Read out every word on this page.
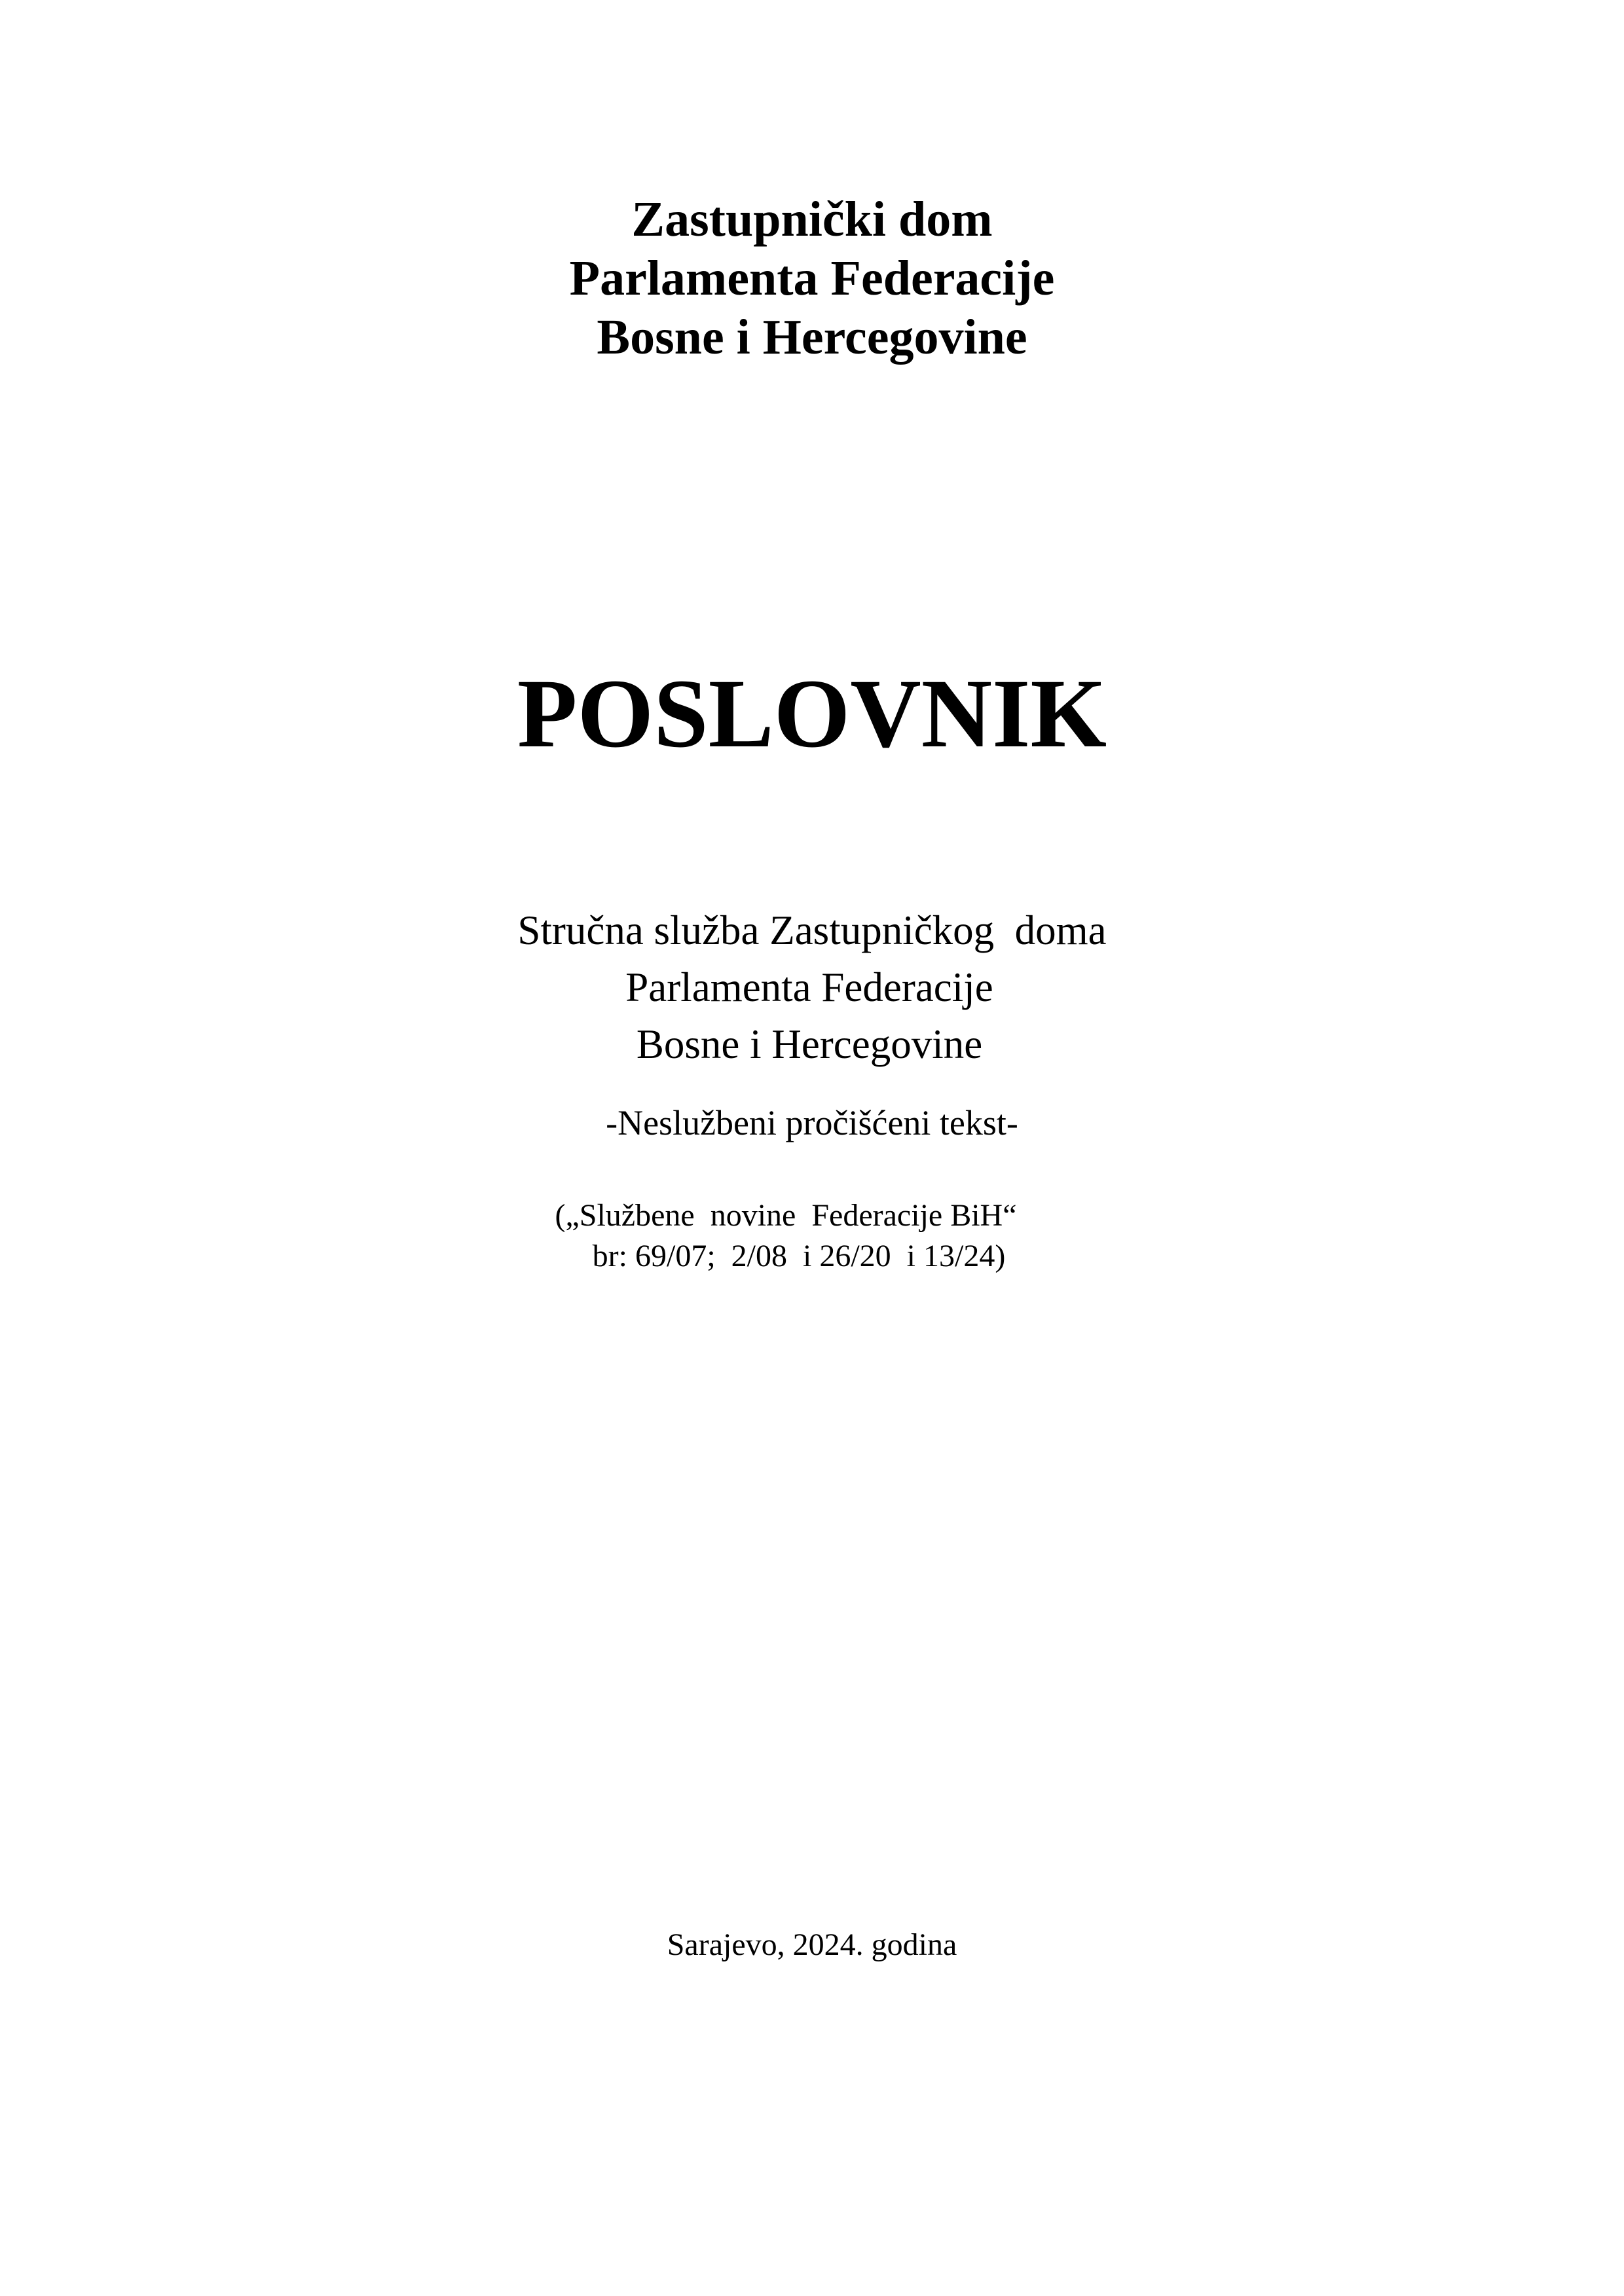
Zastupnički dom
Parlamenta Federacije
Bosne i Hercegovine
POSLOVNIK
Stručna služba Zastupničkog  doma
Parlamenta Federacije
Bosne i Hercegovine
-Neslužbeni pročišćeni tekst-
(„Službene  novine  Federacije BiH“
br: 69/07;  2/08  i 26/20  i 13/24)
Sarajevo, 2024. godina
